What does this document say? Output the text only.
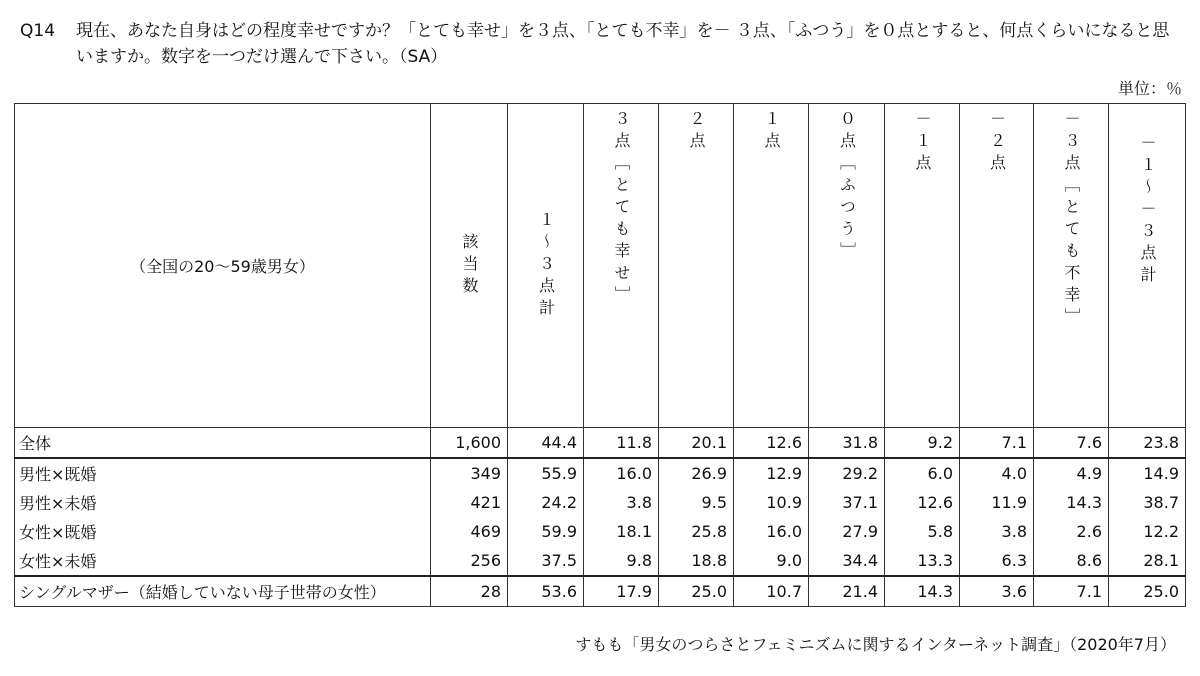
Q14	現在、あなた自身はどの程度幸せですか？「とても幸せ」を３点、「とても不幸」を－ ３点、「ふつう」を０点とすると、何点くらいになると思いますか。数字を一つだけ選んで下さい。（SA）
単位：％
（全国の20～59歳男女）	該当数	１～３点計	３点［とても幸せ］	２点	１点	０点［ふつう］	－１点	－２点	－３点［とても不幸］	－１～－３点計

全体	1,600	44.4	11.8	20.1	12.6	31.8	9.2	7.1	7.6	23.8
男性×既婚	349	55.9	16.0	26.9	12.9	29.2	6.0	4.0	4.9	14.9
男性×未婚	421	24.2	3.8	9.5	10.9	37.1	12.6	11.9	14.3	38.7
女性×既婚	469	59.9	18.1	25.8	16.0	27.9	5.8	3.8	2.6	12.2
女性×未婚	256	37.5	9.8	18.8	9.0	34.4	13.3	6.3	8.6	28.1
シングルマザー（結婚していない母子世帯の女性）	28	53.6	17.9	25.0	10.7	21.4	14.3	3.6	7.1	25.0
すもも「男女のつらさとフェミニズムに関するインターネット調査」（2020年7月）
